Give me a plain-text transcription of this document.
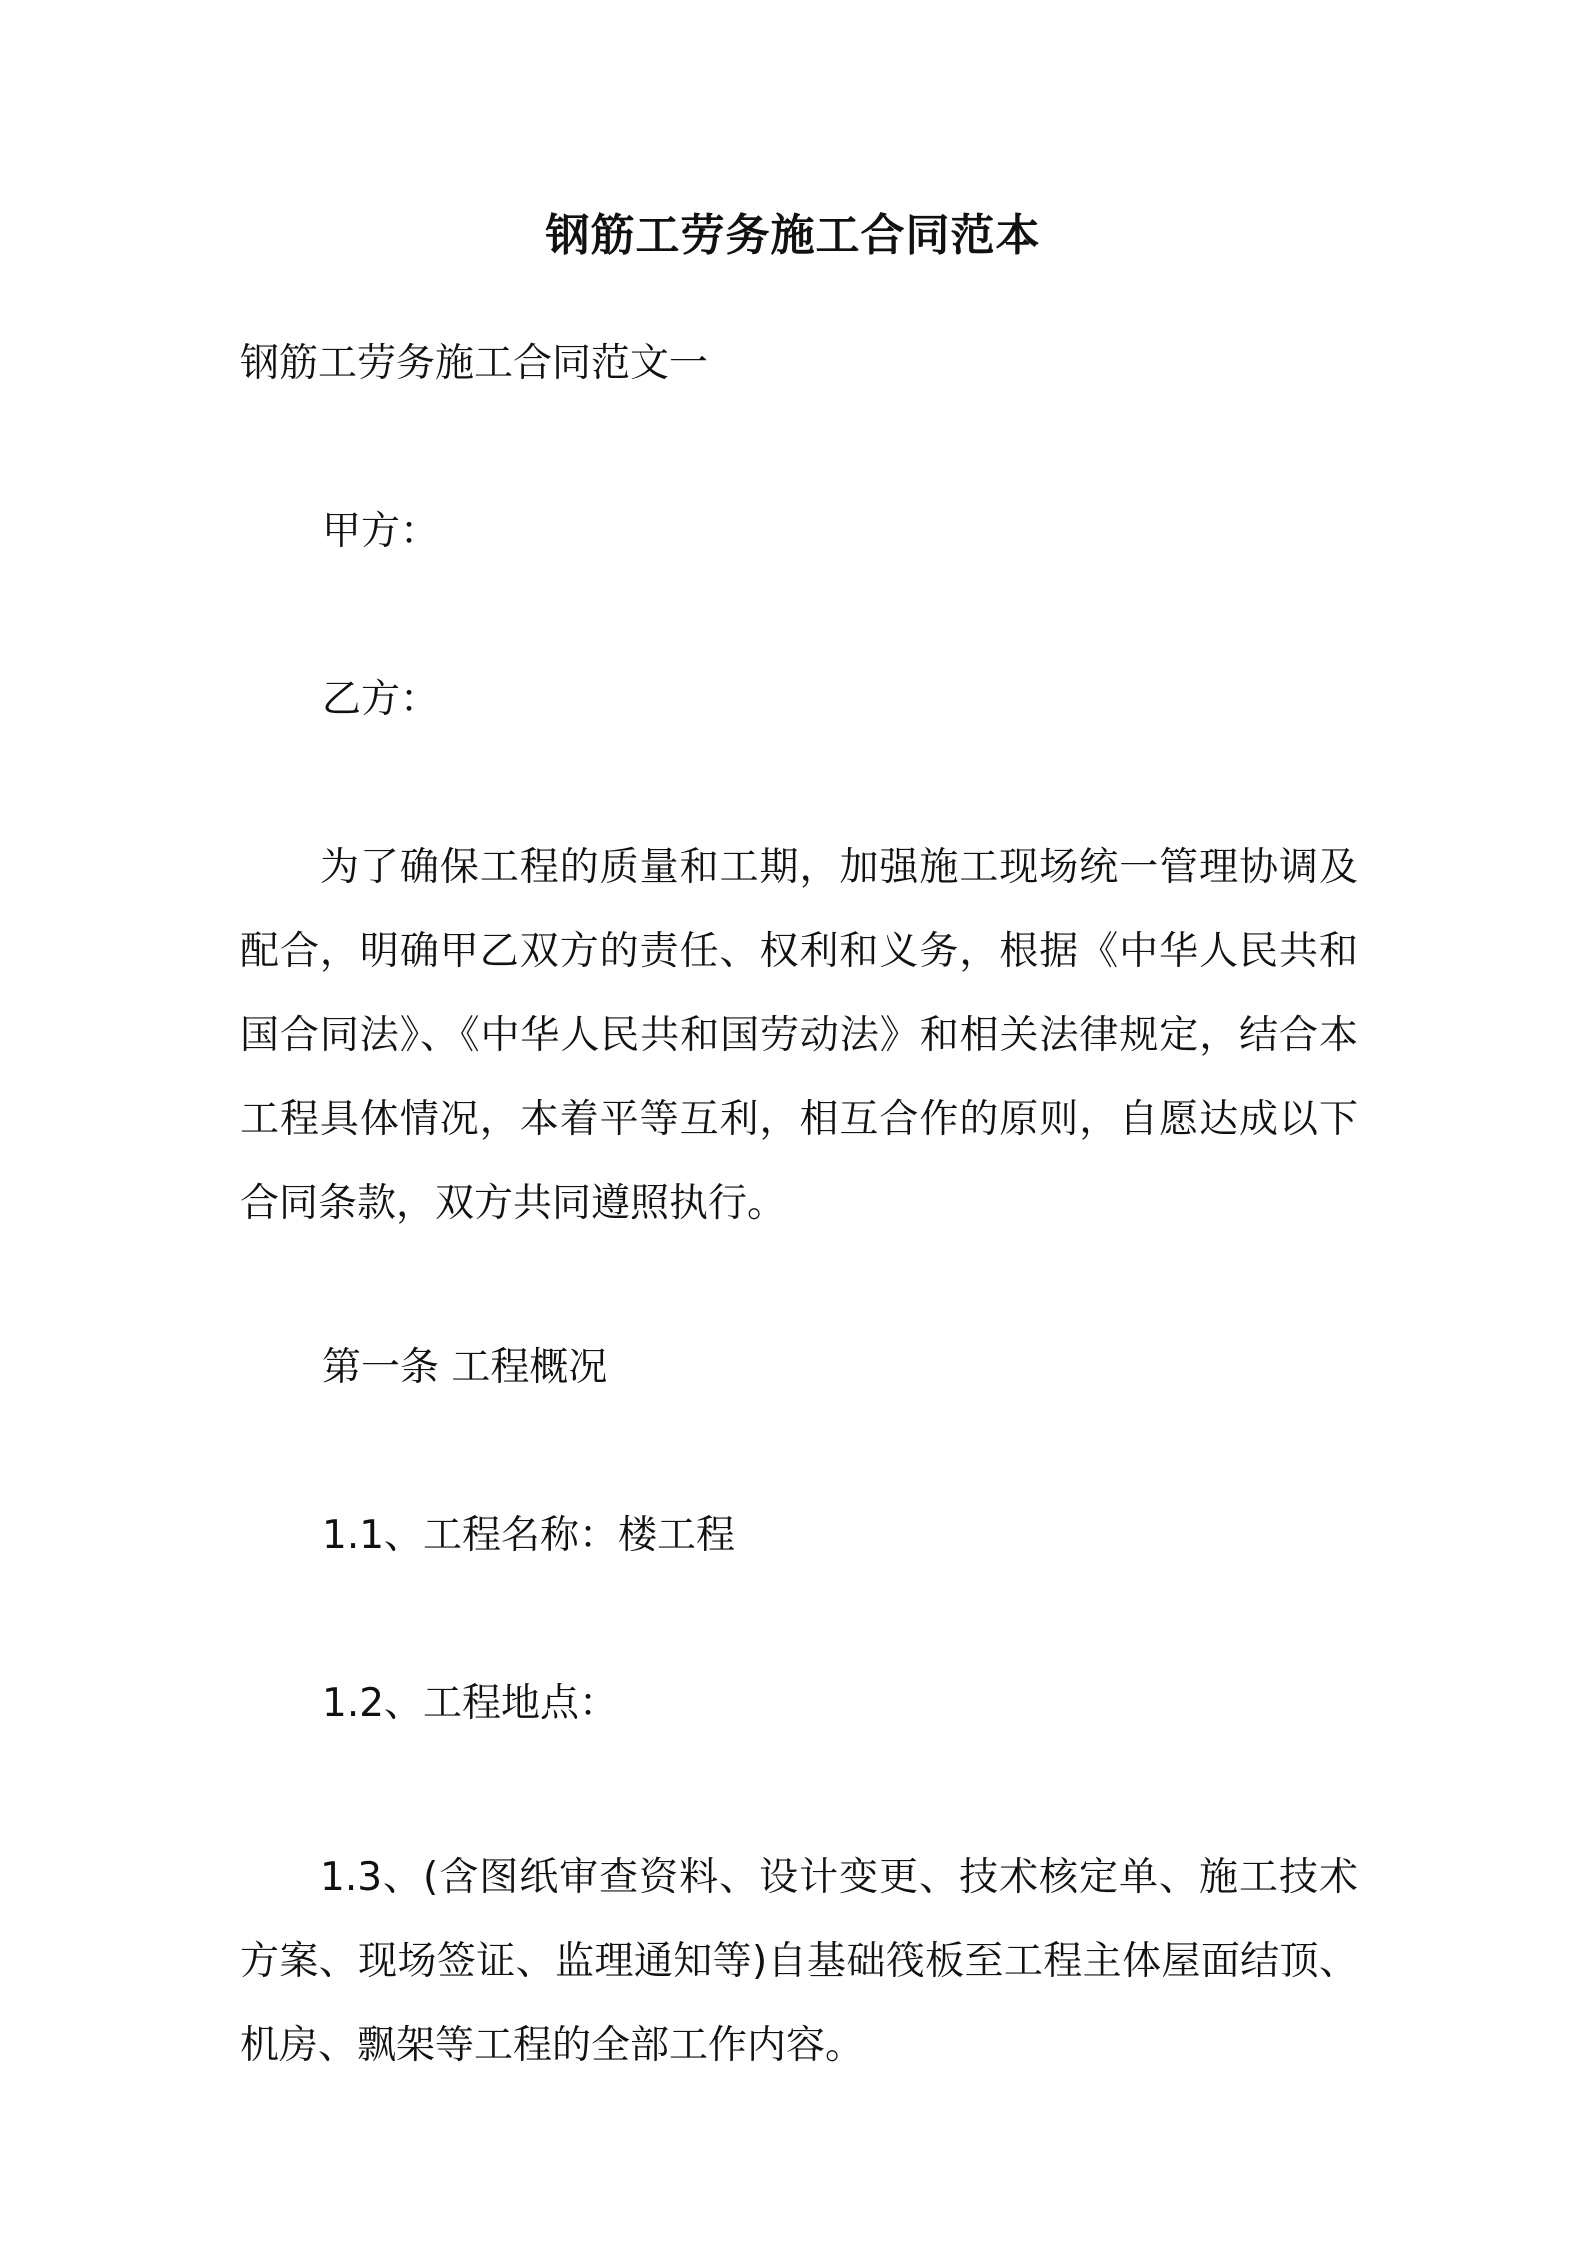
钢筋工劳务施工合同范本
钢筋工劳务施工合同范文一
甲方：
乙方：
为了确保工程的质量和工期，加强施工现场统一管理协调及配合，明确甲乙双方的责任、权利和义务，根据《中华人民共和国合同法》、《中华人民共和国劳动法》和相关法律规定，结合本工程具体情况，本着平等互利，相互合作的原则，自愿达成以下合同条款，双方共同遵照执行。
第一条 工程概况
1.1、工程名称：楼工程
1.2、工程地点：
1.3、(含图纸审查资料、设计变更、技术核定单、施工技术方案、现场签证、监理通知等)自基础筏板至工程主体屋面结顶、机房、飘架等工程的全部工作内容。
